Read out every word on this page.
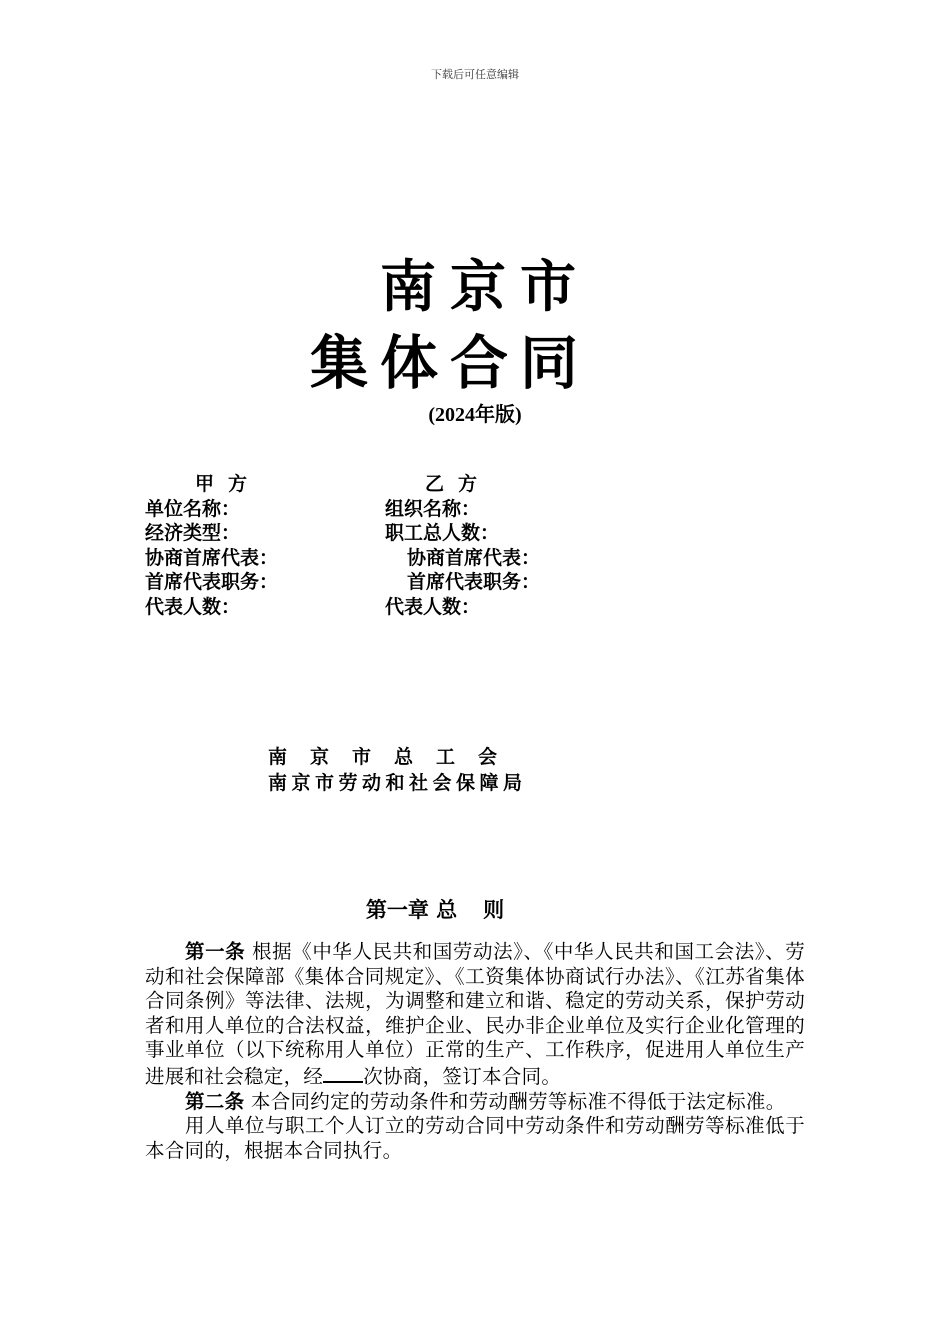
下载后可任意编辑
南京市
集体合同
(2024年版)
甲方	乙方
单位名称：	组织名称：
经济类型：	职工总人数：
协商首席代表：	协商首席代表：
首席代表职务：	首席代表职务：
代表人数：	代表人数：
南京市总工会
南京市劳动和社会保障局
第一章 总 则

第一条 根据《中华人民共和国劳动法》、《中华人民共和国工会法》、劳动和社会保障部《集体合同规定》、《工资集体协商试行办法》、《江苏省集体合同条例》等法律、法规，为调整和建立和谐、稳定的劳动关系，保护劳动者和用人单位的合法权益，维护企业、民办非企业单位及实行企业化管理的事业单位（以下统称用人单位）正常的生产、工作秩序，促进用人单位生产进展和社会稳定，经 次协商，签订本合同。

第二条 本合同约定的劳动条件和劳动酬劳等标准不得低于法定标准。

用人单位与职工个人订立的劳动合同中劳动条件和劳动酬劳等标准低于本合同的，根据本合同执行。
